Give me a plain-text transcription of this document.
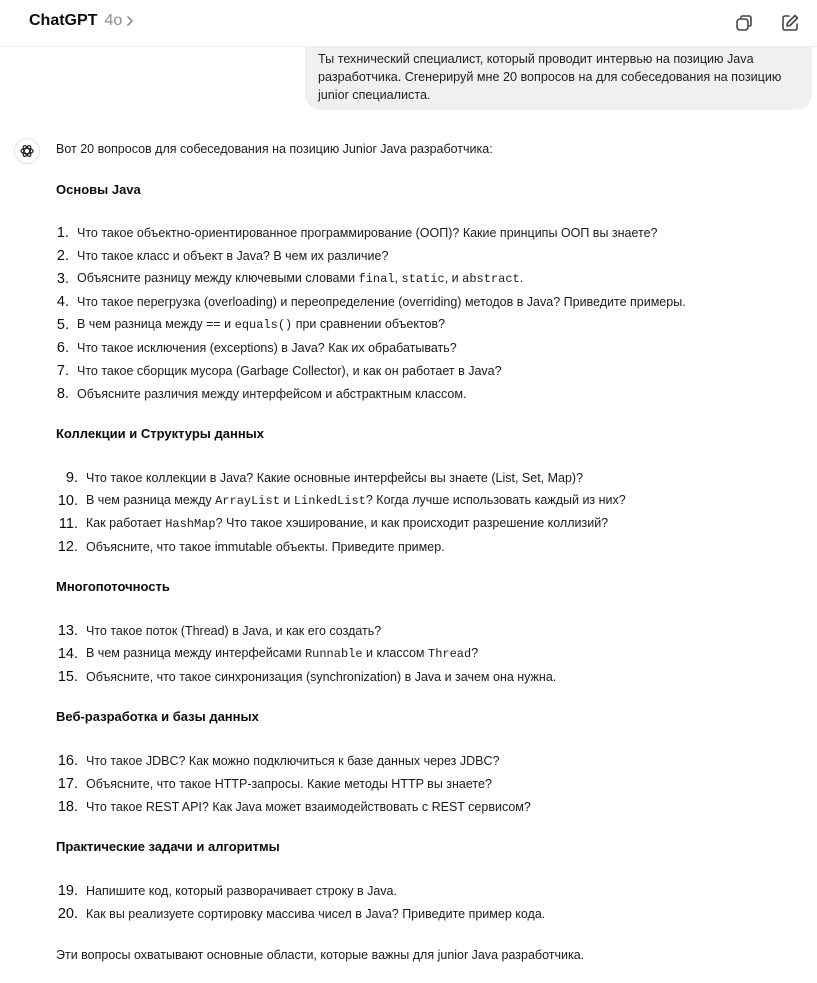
ChatGPT 4o
Ты технический специалист, который проводит интервью на позицию Java разработчика. Сгенерируй мне 20 вопросов на для собеседования на позицию junior специалиста.

Вот 20 вопросов для собеседования на позицию Junior Java разработчика:

Основы Java

1. Что такое объектно-ориентированное программирование (ООП)? Какие принципы ООП вы знаете?
2. Что такое класс и объект в Java? В чем их различие?
3. Объясните разницу между ключевыми словами final, static, и abstract.
4. Что такое перегрузка (overloading) и переопределение (overriding) методов в Java? Приведите примеры.
5. В чем разница между == и equals() при сравнении объектов?
6. Что такое исключения (exceptions) в Java? Как их обрабатывать?
7. Что такое сборщик мусора (Garbage Collector), и как он работает в Java?
8. Объясните различия между интерфейсом и абстрактным классом.

Коллекции и Структуры данных

9. Что такое коллекции в Java? Какие основные интерфейсы вы знаете (List, Set, Map)?
10. В чем разница между ArrayList и LinkedList? Когда лучше использовать каждый из них?
11. Как работает HashMap? Что такое хэширование, и как происходит разрешение коллизий?
12. Объясните, что такое immutable объекты. Приведите пример.

Многопоточность

13. Что такое поток (Thread) в Java, и как его создать?
14. В чем разница между интерфейсами Runnable и классом Thread?
15. Объясните, что такое синхронизация (synchronization) в Java и зачем она нужна.

Веб-разработка и базы данных

16. Что такое JDBC? Как можно подключиться к базе данных через JDBC?
17. Объясните, что такое HTTP-запросы. Какие методы HTTP вы знаете?
18. Что такое REST API? Как Java может взаимодействовать с REST сервисом?

Практические задачи и алгоритмы

19. Напишите код, который разворачивает строку в Java.
20. Как вы реализуете сортировку массива чисел в Java? Приведите пример кода.

Эти вопросы охватывают основные области, которые важны для junior Java разработчика.
